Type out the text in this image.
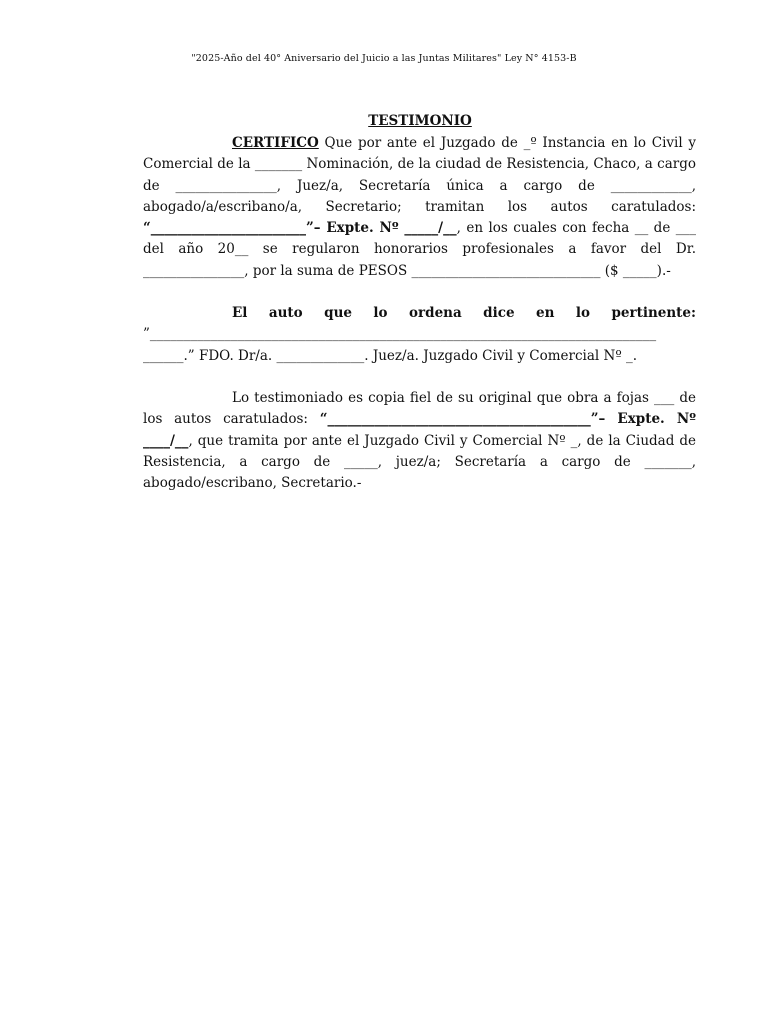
"2025-Año del 40° Aniversario del Juicio a las Juntas Militares" Ley N° 4153-B
TESTIMONIO

CERTIFICO Que por ante el Juzgado de _º Instancia en lo Civil y Comercial de la _______ Nominación, de la ciudad de Resistencia, Chaco, a cargo de _______________, Juez/a, Secretaría única a cargo de ____________, abogado/a/escribano/a, Secretario; tramitan los autos caratulados: “_______________________”– Expte. Nº _____/__, en los cuales con fecha __ de ___ del año 20__ se regularon honorarios profesionales a favor del Dr. _______________, por la suma de PESOS ____________________________ ($ _____).-

El auto que lo ordena dice en lo pertinente: ”___________________________________________________________________________ ______.” FDO. Dr/a. _____________. Juez/a. Juzgado Civil y Comercial Nº _.

Lo testimoniado es copia fiel de su original que obra a fojas ___ de los autos caratulados: “_______________________________________”– Expte. Nº ____/__, que tramita por ante el Juzgado Civil y Comercial Nº _, de la Ciudad de Resistencia, a cargo de _____, juez/a; Secretaría a cargo de _______, abogado/escribano, Secretario.-
